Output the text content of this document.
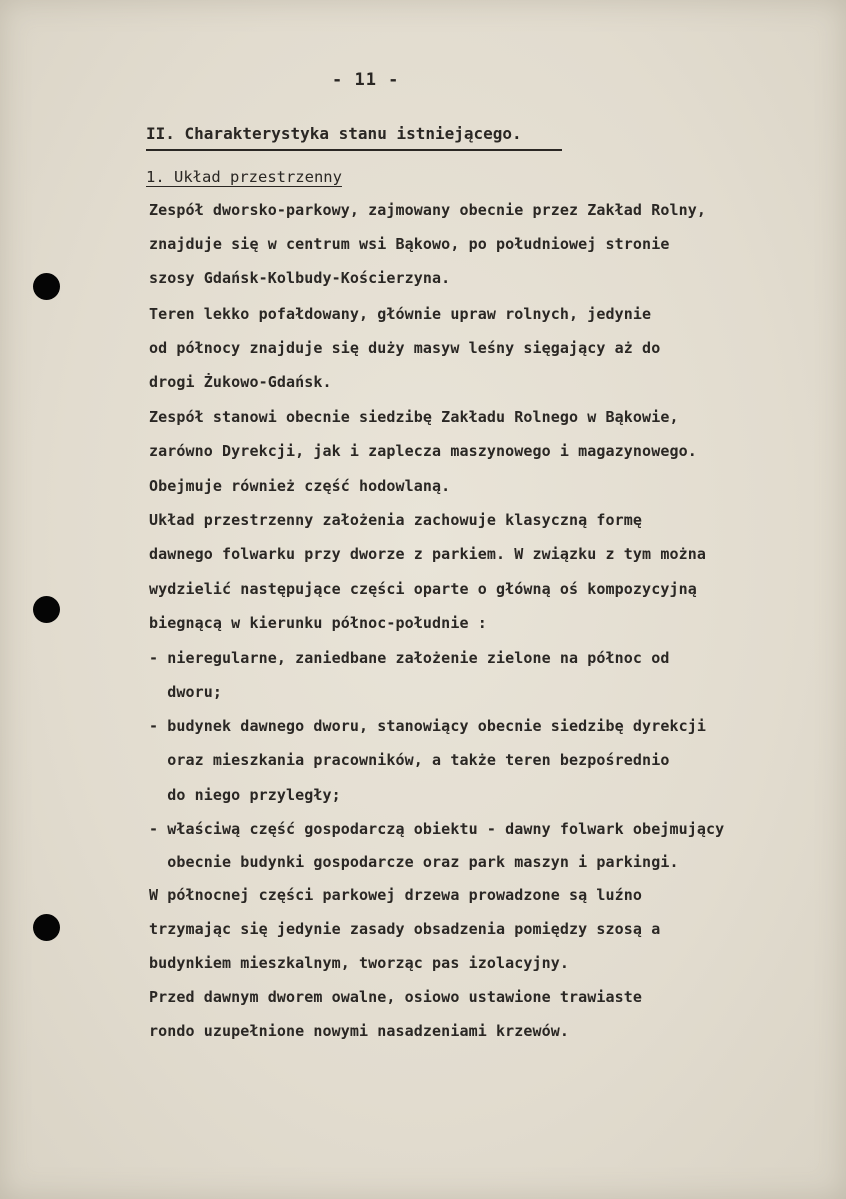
- 11 -
II. Charakterystyka stanu istniejącego.
1. Układ przestrzenny
Zespół dworsko-parkowy, zajmowany obecnie przez Zakład Rolny,
znajduje się w centrum wsi Bąkowo, po południowej stronie
szosy Gdańsk-Kolbudy-Kościerzyna.
Teren lekko pofałdowany, głównie upraw rolnych, jedynie
od północy znajduje się duży masyw leśny sięgający aż do
drogi Żukowo-Gdańsk.
Zespół stanowi obecnie siedzibę Zakładu Rolnego w Bąkowie,
zarówno Dyrekcji, jak i zaplecza maszynowego i magazynowego.
Obejmuje również część hodowlaną.
Układ przestrzenny założenia zachowuje klasyczną formę
dawnego folwarku przy dworze z parkiem. W związku z tym można
wydzielić następujące części oparte o główną oś kompozycyjną
biegnącą w kierunku północ-południe :
- nieregularne, zaniedbane założenie zielone na północ od
dworu;
- budynek dawnego dworu, stanowiący obecnie siedzibę dyrekcji
oraz mieszkania pracowników, a także teren bezpośrednio
do niego przyległy;
- właściwą część gospodarczą obiektu - dawny folwark obejmujący
obecnie budynki gospodarcze oraz park maszyn i parkingi.
W północnej części parkowej drzewa prowadzone są luźno
trzymając się jedynie zasady obsadzenia pomiędzy szosą a
budynkiem mieszkalnym, tworząc pas izolacyjny.
Przed dawnym dworem owalne, osiowo ustawione trawiaste
rondo uzupełnione nowymi nasadzeniami krzewów.
